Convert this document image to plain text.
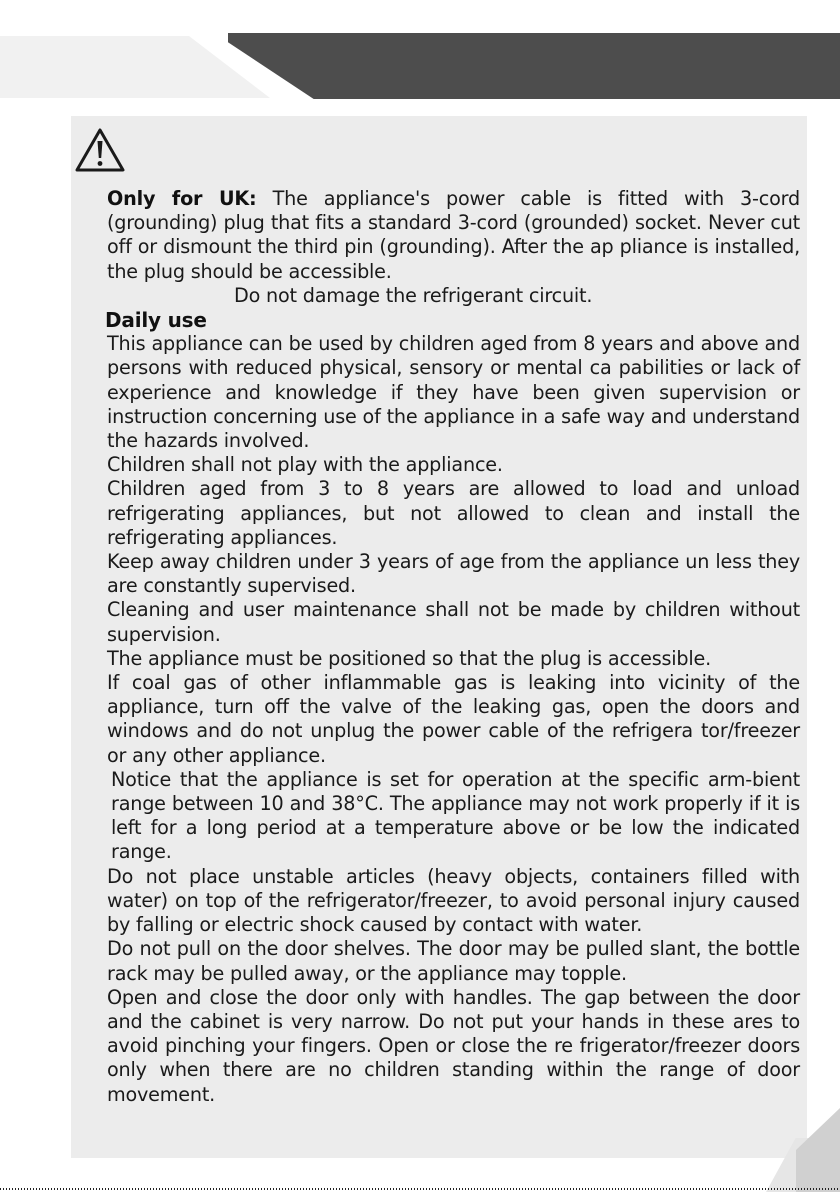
Only for UK: The appliance's power cable is fitted with 3-cord (grounding) plug that fits a standard 3-cord (grounded) socket. Never cut off or dismount the third pin (grounding). After the ap pliance is installed, the plug should be accessible.

Do not damage the refrigerant circuit.

Daily use

This appliance can be used by children aged from 8 years and above and persons with reduced physical, sensory or mental ca pabilities or lack of experience and knowledge if they have been given supervision or instruction concerning use of the appliance in a safe way and understand the hazards involved.

Children shall not play with the appliance.

Children aged from 3 to 8 years are allowed to load and unload refrigerating appliances, but not allowed to clean and install the refrigerating appliances.

Keep away children under 3 years of age from the appliance un less they are constantly supervised.

Cleaning and user maintenance shall not be made by children without supervision.

The appliance must be positioned so that the plug is accessible.

If coal gas of other inflammable gas is leaking into vicinity of the appliance, turn off the valve of the leaking gas, open the doors and windows and do not unplug the power cable of the refrigera tor/freezer or any other appliance.

Notice that the appliance is set for operation at the specific arm-bient range between 10 and 38°C. The appliance may not work properly if it is left for a long period at a temperature above or be low the indicated range.

Do not place unstable articles (heavy objects, containers filled with water) on top of the refrigerator/freezer, to avoid personal injury caused by falling or electric shock caused by contact with water.

Do not pull on the door shelves. The door may be pulled slant, the bottle rack may be pulled away, or the appliance may topple.

Open and close the door only with handles. The gap between the door and the cabinet is very narrow. Do not put your hands in these ares to avoid pinching your fingers. Open or close the re frigerator/freezer doors only when there are no children standing within the range of door movement.
